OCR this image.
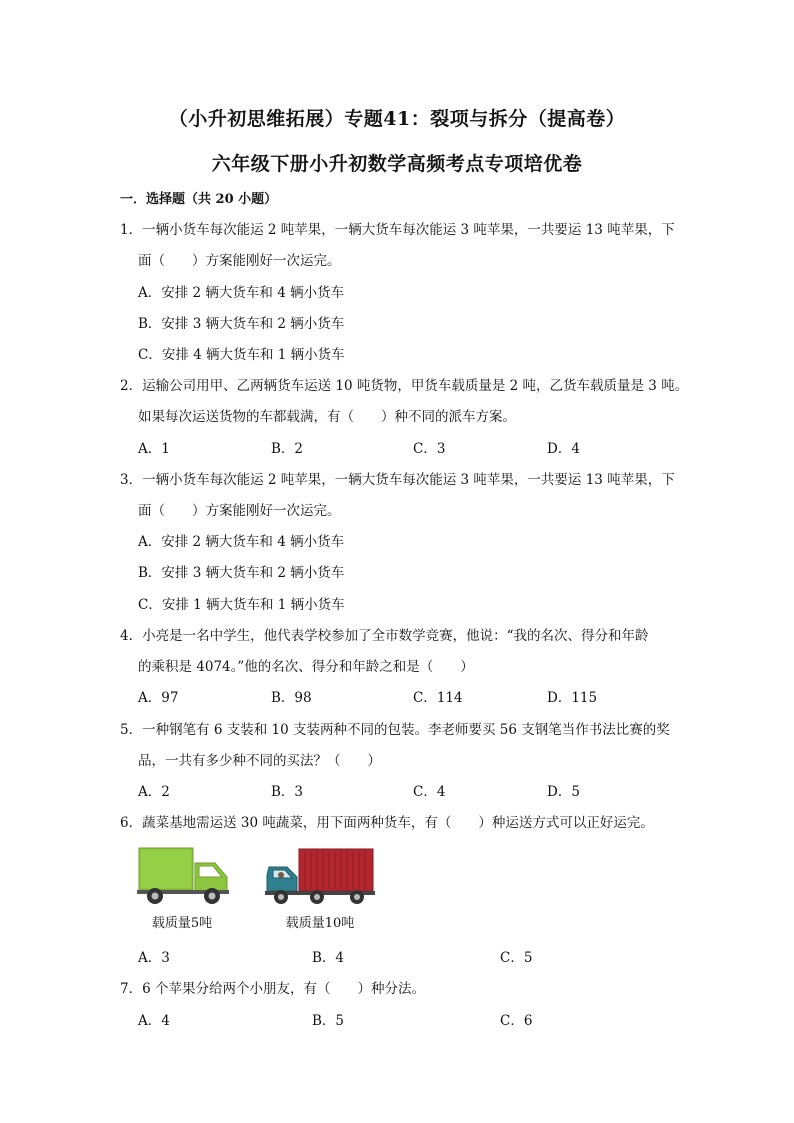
（小升初思维拓展）专题41：裂项与拆分（提高卷）
六年级下册小升初数学高频考点专项培优卷
一．选择题（共 20 小题）
1．一辆小货车每次能运 2 吨苹果，一辆大货车每次能运 3 吨苹果，一共要运 13 吨苹果，下
面（　　）方案能刚好一次运完。
A．安排 2 辆大货车和 4 辆小货车
B．安排 3 辆大货车和 2 辆小货车
C．安排 4 辆大货车和 1 辆小货车
2．运输公司用甲、乙两辆货车运送 10 吨货物，甲货车载质量是 2 吨，乙货车载质量是 3 吨。
如果每次运送货物的车都载满，有（　　）种不同的派车方案。
A．1	B．2	C．3	D．4
3．一辆小货车每次能运 2 吨苹果，一辆大货车每次能运 3 吨苹果，一共要运 13 吨苹果，下
面（　　）方案能刚好一次运完。
A．安排 2 辆大货车和 4 辆小货车
B．安排 3 辆大货车和 2 辆小货车
C．安排 1 辆大货车和 1 辆小货车
4．小亮是一名中学生，他代表学校参加了全市数学竞赛，他说：“我的名次、得分和年龄
的乘积是 4074。”他的名次、得分和年龄之和是（　　）
A．97	B．98	C．114	D．115
5．一种钢笔有 6 支装和 10 支装两种不同的包装。李老师要买 56 支钢笔当作书法比赛的奖
品，一共有多少种不同的买法？（　　）
A．2	B．3	C．4	D．5
6．蔬菜基地需运送 30 吨蔬菜，用下面两种货车，有（　　）种运送方式可以正好运完。
载质量5吨	载质量10吨
A．3	B．4	C．5
7．6 个苹果分给两个小朋友，有（　　）种分法。
A．4	B．5	C．6
